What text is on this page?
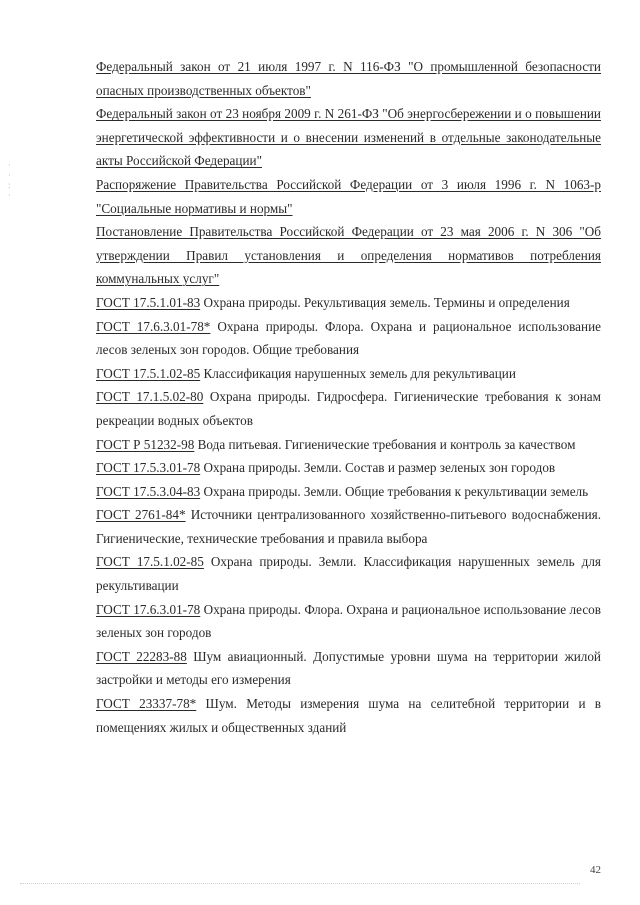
·
·
:
·

Федеральный закон от 21 июля 1997 г. N 116-ФЗ "О промышленной безопасности опасных производственных объектов"

Федеральный закон от 23 ноября 2009 г. N 261-ФЗ "Об энергосбережении и о повышении энергетической эффективности и о внесении изменений в отдельные законодательные акты Российской Федерации"

Распоряжение Правительства Российской Федерации от 3 июля 1996 г. N 1063-р "Социальные нормативы и нормы"

Постановление Правительства Российской Федерации от 23 мая 2006 г. N 306 "Об утверждении Правил установления и определения нормативов потребления коммунальных услуг"

ГОСТ 17.5.1.01-83 Охрана природы. Рекультивация земель. Термины и определения

ГОСТ 17.6.3.01-78* Охрана природы. Флора. Охрана и рациональное использование лесов зеленых зон городов. Общие требования

ГОСТ 17.5.1.02-85 Классификация нарушенных земель для рекультивации

ГОСТ 17.1.5.02-80 Охрана природы. Гидросфера. Гигиенические требования к зонам рекреации водных объектов

ГОСТ Р 51232-98 Вода питьевая. Гигиенические требования и контроль за качеством

ГОСТ 17.5.3.01-78 Охрана природы. Земли. Состав и размер зеленых зон городов

ГОСТ 17.5.3.04-83 Охрана природы. Земли. Общие требования к рекультивации земель

ГОСТ 2761-84* Источники централизованного хозяйственно-питьевого водоснабжения. Гигиенические, технические требования и правила выбора

ГОСТ 17.5.1.02-85 Охрана природы. Земли. Классификация нарушенных земель для рекультивации

ГОСТ 17.6.3.01-78 Охрана природы. Флора. Охрана и рациональное использование лесов зеленых зон городов

ГОСТ 22283-88 Шум авиационный. Допустимые уровни шума на территории жилой застройки и методы его измерения

ГОСТ 23337-78* Шум. Методы измерения шума на селитебной территории и в помещениях жилых и общественных зданий

42
